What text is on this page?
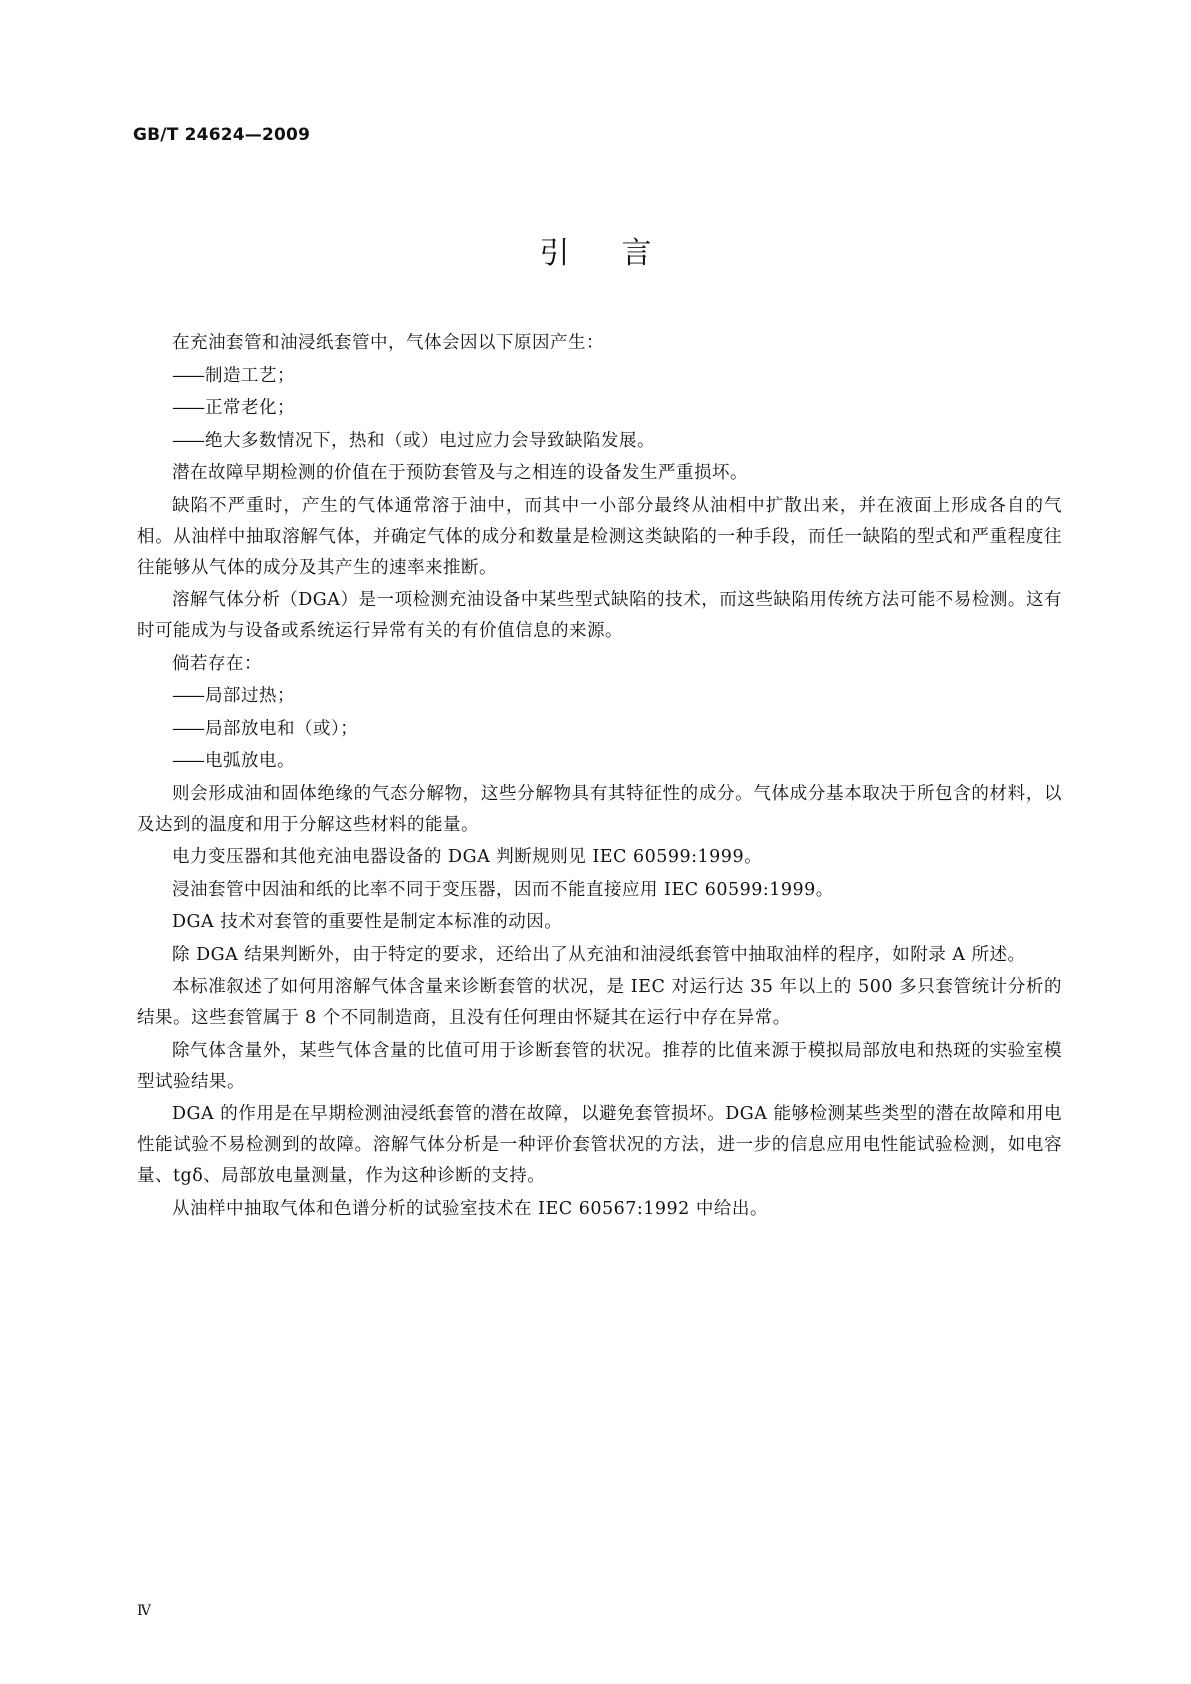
GB/T 24624—2009
引言

在充油套管和油浸纸套管中，气体会因以下原因产生：

—— 制造工艺；
—— 正常老化；
—— 绝大多数情况下，热和（或）电过应力会导致缺陷发展。

潜在故障早期检测的价值在于预防套管及与之相连的设备发生严重损坏。

缺陷不严重时，产生的气体通常溶于油中，而其中一小部分最终从油相中扩散出来，并在液面上形成各自的气相。从油样中抽取溶解气体，并确定气体的成分和数量是检测这类缺陷的一种手段，而任一缺陷的型式和严重程度往往能够从气体的成分及其产生的速率来推断。

溶解气体分析（DGA）是一项检测充油设备中某些型式缺陷的技术，而这些缺陷用传统方法可能不易检测。这有时可能成为与设备或系统运行异常有关的有价值信息的来源。

倘若存在：

—— 局部过热；
—— 局部放电和（或）；
—— 电弧放电。

则会形成油和固体绝缘的气态分解物，这些分解物具有其特征性的成分。气体成分基本取决于所包含的材料，以及达到的温度和用于分解这些材料的能量。

电力变压器和其他充油电器设备的 DGA 判断规则见 IEC 60599:1999。

浸油套管中因油和纸的比率不同于变压器，因而不能直接应用 IEC 60599:1999。

DGA 技术对套管的重要性是制定本标准的动因。

除 DGA 结果判断外，由于特定的要求，还给出了从充油和油浸纸套管中抽取油样的程序，如附录 A 所述。

本标准叙述了如何用溶解气体含量来诊断套管的状况，是 IEC 对运行达 35 年以上的 500 多只套管统计分析的结果。这些套管属于 8 个不同制造商，且没有任何理由怀疑其在运行中存在异常。

除气体含量外，某些气体含量的比值可用于诊断套管的状况。推荐的比值来源于模拟局部放电和热斑的实验室模型试验结果。

DGA 的作用是在早期检测油浸纸套管的潜在故障，以避免套管损坏。DGA 能够检测某些类型的潜在故障和用电性能试验不易检测到的故障。溶解气体分析是一种评价套管状况的方法，进一步的信息应用电性能试验检测，如电容量、tgδ、局部放电量测量，作为这种诊断的支持。

从油样中抽取气体和色谱分析的试验室技术在 IEC 60567:1992 中给出。

Ⅳ
